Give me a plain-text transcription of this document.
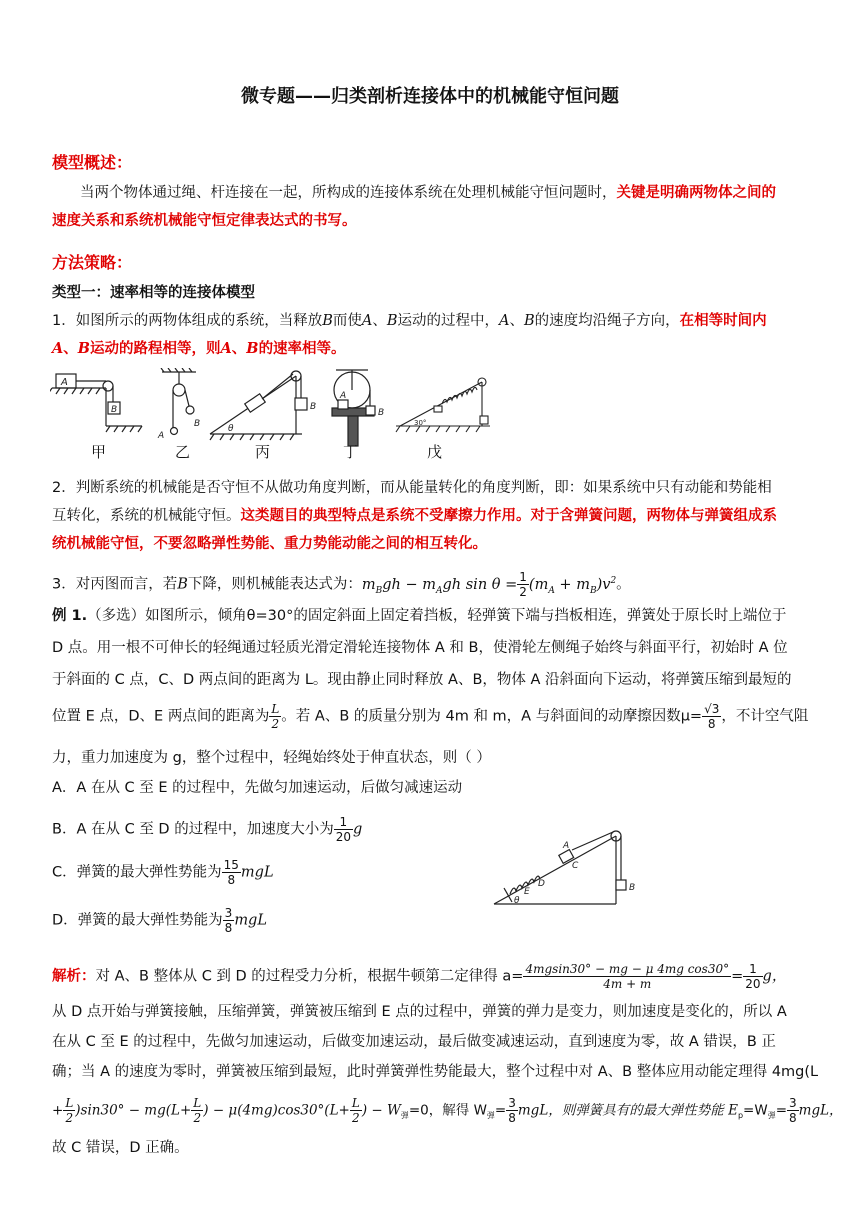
微专题——归类剖析连接体中的机械能守恒问题
模型概述：
当两个物体通过绳、杆连接在一起，所构成的连接体系统在处理机械能守恒问题时，关键是明确两物体之间的
速度关系和系统机械能守恒定律表达式的书写。
方法策略：
类型一：速率相等的连接体模型
1．如图所示的两物体组成的系统，当释放B而使A、B运动的过程中，A、B的速度均沿绳子方向，在相等时间内
A、B运动的路程相等，则A、B的速率相等。
A
B
A
B
B
θ
A
B
30°
甲	乙	丙	丁	戊
2．判断系统的机械能是否守恒不从做功角度判断，而从能量转化的角度判断，即：如果系统中只有动能和势能相
互转化，系统的机械能守恒。这类题目的典型特点是系统不受摩擦力作用。对于含弹簧问题，两物体与弹簧组成系
统机械能守恒，不要忽略弹性势能、重力势能动能之间的相互转化。
3．对丙图而言，若B下降，则机械能表达式为：$m_Bgh - m_Agh$ $\sin \theta = \frac{1}{2} (m_A + m_B)v^2$。
例 1.（多选）如图所示，倾角θ=30°的固定斜面上固定着挡板，轻弹簧下端与挡板相连，弹簧处于原长时上端位于
D 点。用一根不可伸长的轻绳通过轻质光滑定滑轮连接物体 A 和 B，使滑轮左侧绳子始终与斜面平行，初始时 A 位
于斜面的 C 点，C、D 两点间的距离为 L。现由静止同时释放 A、B，物体 A 沿斜面向下运动，将弹簧压缩到最短的
位置 E 点，D、E 两点间的距离为 $\frac{L}{2}$ 。若 A、B 的质量分别为 4m 和 m，A 与斜面间的动摩擦因数$\mu= \frac{√3}{8}$ ，不计空气阻
力，重力加速度为 g，整个过程中，轻绳始终处于伸直状态，则（ ）
A．A 在从 C 至 E 的过程中，先做匀加速运动，后做匀减速运动
B．A 在从 C 至 D 的过程中，加速度大小为 $\frac{1}{20}$ g
C．弹簧的最大弹性势能为 $\frac{15}{8}$ mgL
D．弹簧的最大弹性势能为 $\frac{3}{8}$ mgL
A
C
D
E
θ
B
解析：对 A、B 整体从 C 到 D 的过程受力分析，根据牛顿第二定律得 $a= \frac{\text{4mgsin30° − mg − μ 4mg cos30°}}{4m + m} = \frac{1}{20}$ g，
从 D 点开始与弹簧接触，压缩弹簧，弹簧被压缩到 E 点的过程中，弹簧的弹力是变力，则加速度是变化的，所以 A
在从 C 至 E 的过程中，先做匀加速运动，后做变加速运动，最后做变减速运动，直到速度为零，故 A 错误，B 正
确；当 A 的速度为零时，弹簧被压缩到最短，此时弹簧弹性势能最大，整个过程中对 A、B 整体应用动能定理得 4mg(L
+ $\frac{L}{2} )\sin 30^\circ - mg(L+ \frac{L}{2}$ ) − $\mu(4mg)\cos 30^\circ(L+ \frac{L}{2}$ ) − $W_弹=0$，解得 $W_弹= \frac{3}{8}$ mgL，则弹簧具有的最大弹性势能 $E_p=W_弹= \frac{3}{8}$ mgL，
故 C 错误，D 正确。
